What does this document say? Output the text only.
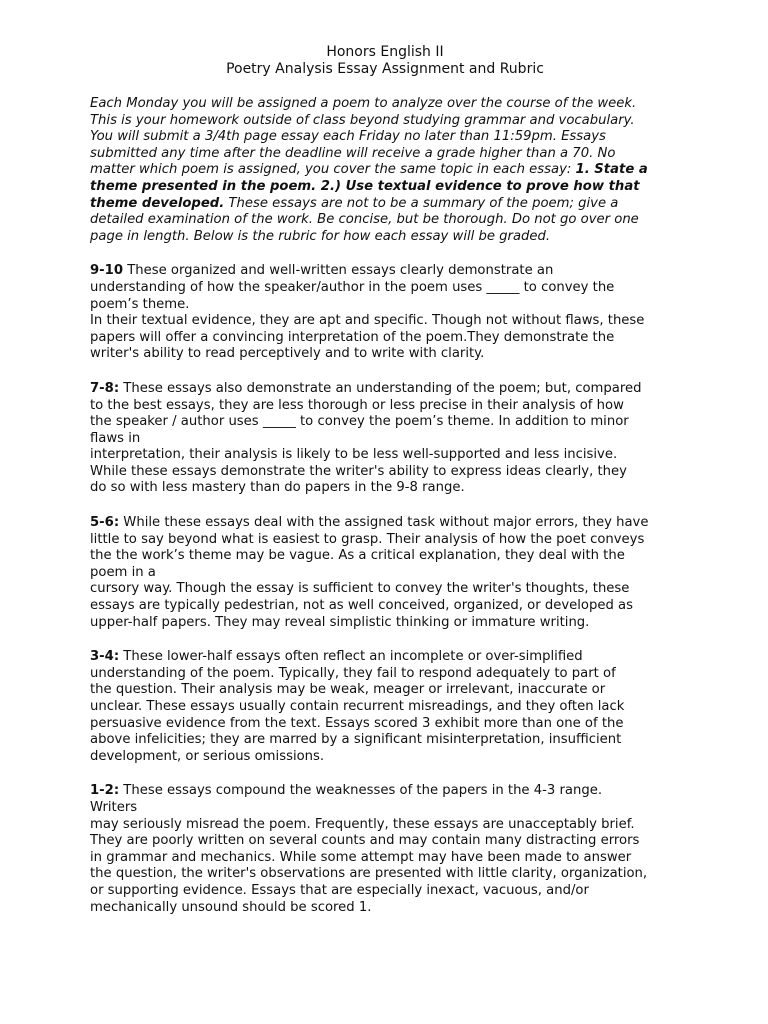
Honors English II
Poetry Analysis Essay Assignment and Rubric
Each Monday you will be assigned a poem to analyze over the course of the week.
This is your homework outside of class beyond studying grammar and vocabulary.
You will submit a 3/4th page essay each Friday no later than 11:59pm. Essays
submitted any time after the deadline will receive a grade higher than a 70. No
matter which poem is assigned, you cover the same topic in each essay: 1. State a
theme presented in the poem. 2.) Use textual evidence to prove how that
theme developed. These essays are not to be a summary of the poem; give a
detailed examination of the work. Be concise, but be thorough. Do not go over one
page in length. Below is the rubric for how each essay will be graded.
9-10 These organized and well-written essays clearly demonstrate an
understanding of how the speaker/author in the poem uses _____ to convey the
poem’s theme.
In their textual evidence, they are apt and specific. Though not without flaws, these
papers will offer a convincing interpretation of the poem.They demonstrate the
writer's ability to read perceptively and to write with clarity.
7-8: These essays also demonstrate an understanding of the poem; but, compared
to the best essays, they are less thorough or less precise in their analysis of how
the speaker / author uses _____ to convey the poem’s theme. In addition to minor
flaws in
interpretation, their analysis is likely to be less well-supported and less incisive.
While these essays demonstrate the writer's ability to express ideas clearly, they
do so with less mastery than do papers in the 9-8 range.
5-6: While these essays deal with the assigned task without major errors, they have
little to say beyond what is easiest to grasp. Their analysis of how the poet conveys
the the work’s theme may be vague. As a critical explanation, they deal with the
poem in a
cursory way. Though the essay is sufficient to convey the writer's thoughts, these
essays are typically pedestrian, not as well conceived, organized, or developed as
upper-half papers. They may reveal simplistic thinking or immature writing.
3-4: These lower-half essays often reflect an incomplete or over-simplified
understanding of the poem. Typically, they fail to respond adequately to part of
the question. Their analysis may be weak, meager or irrelevant, inaccurate or
unclear. These essays usually contain recurrent misreadings, and they often lack
persuasive evidence from the text. Essays scored 3 exhibit more than one of the
above infelicities; they are marred by a significant misinterpretation, insufficient
development, or serious omissions.
1-2: These essays compound the weaknesses of the papers in the 4-3 range.
Writers
may seriously misread the poem. Frequently, these essays are unacceptably brief.
They are poorly written on several counts and may contain many distracting errors
in grammar and mechanics. While some attempt may have been made to answer
the question, the writer's observations are presented with little clarity, organization,
or supporting evidence. Essays that are especially inexact, vacuous, and/or
mechanically unsound should be scored 1.
